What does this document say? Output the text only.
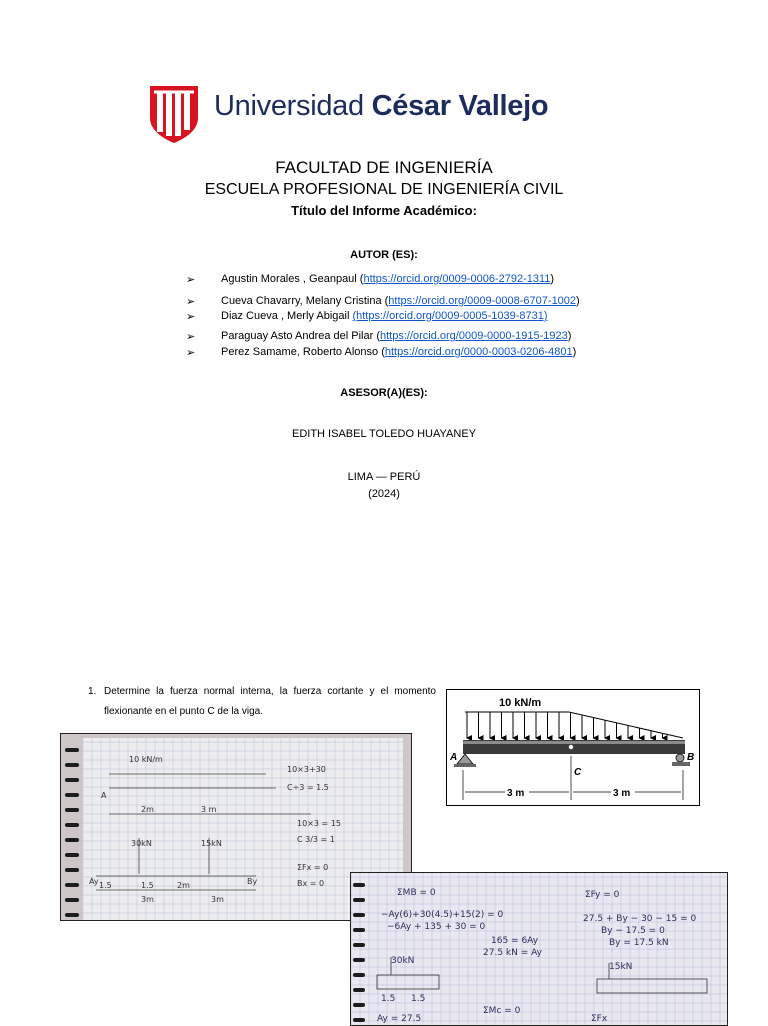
Universidad César Vallejo
FACULTAD DE INGENIERÍA
ESCUELA PROFESIONAL DE INGENIERÍA CIVIL
Título del Informe Académico:
AUTOR (ES):
➢ Agustin Morales , Geanpaul (https://orcid.org/0009-0006-2792-1311)
➢ Cueva Chavarry, Melany Cristina (https://orcid.org/0009-0008-6707-1002)
➢ Diaz Cueva , Merly Abigail (https://orcid.org/0009-0005-1039-8731)
➢ Paraguay Asto Andrea del Pilar (https://orcid.org/0009-0000-1915-1923)
➢ Perez Samame, Roberto Alonso (https://orcid.org/0000-0003-0206-4801)
ASESOR(A)(ES):
EDITH ISABEL TOLEDO HUAYANEY
LIMA — PERÚ
(2024)
1. Determine la fuerza normal interna, la fuerza cortante y el momento flexionante en el punto C de la viga.
10 kN/m
A	B
C
3 m	3 m
10 kN/m
A
2m	3 m
10×3+30
C÷3 = 1.5
10×3 = 15
C 3/3 = 1
ΣFx = 0
Bx = 0
30kN	15kN
1.5	1.5	2m
3m	3m
Ay	By
ΣMB = 0
−Ay(6)+30(4.5)+15(2) = 0
−6Ay + 135 + 30 = 0
165 = 6Ay
27.5 kN = Ay
ΣFy = 0
27.5 + By − 30 − 15 = 0
By − 17.5 = 0
By = 17.5 kN
30kN
15kN
1.5 1.5
Ay = 27.5
ΣMc = 0
ΣFx
